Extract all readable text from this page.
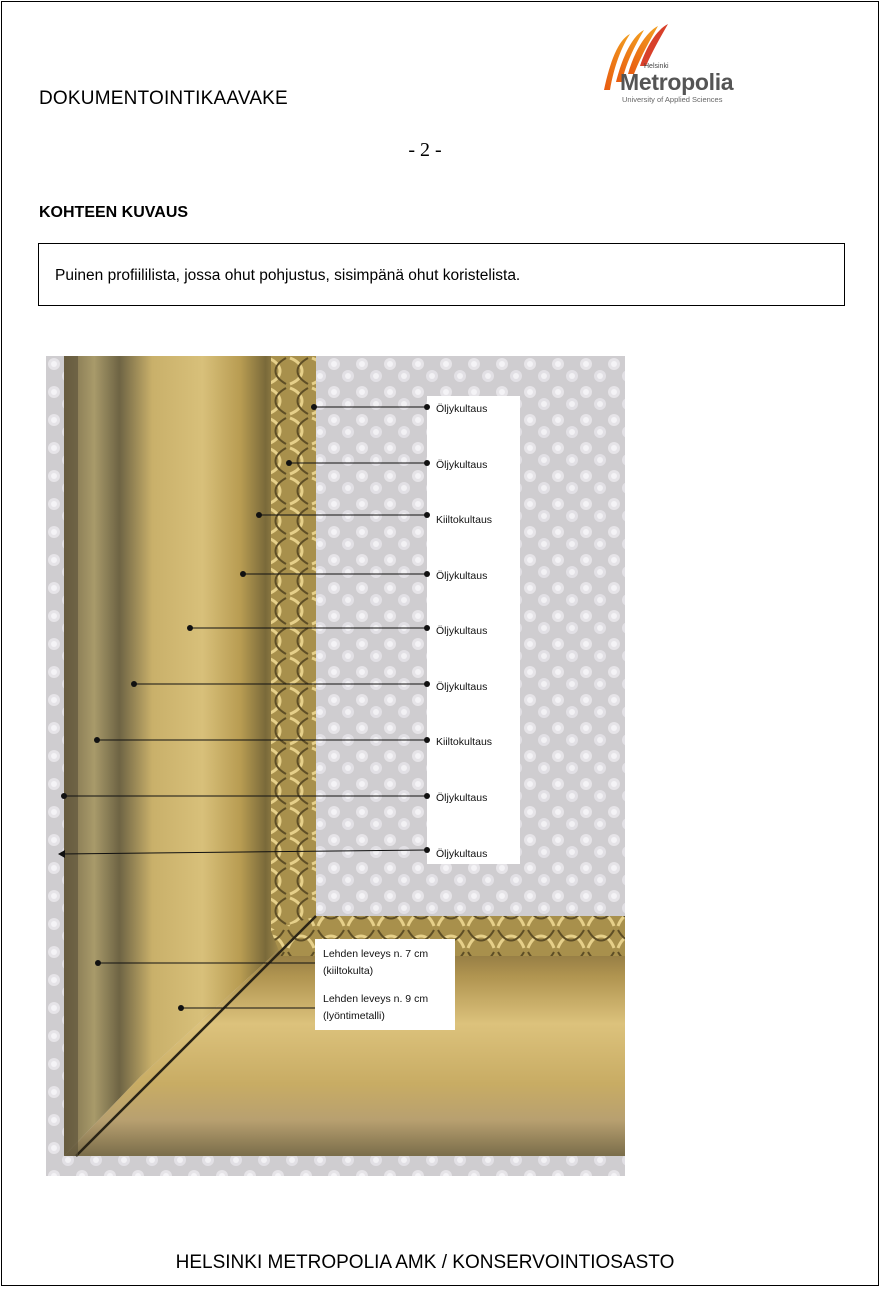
DOKUMENTOINTIKAAVAKE
Helsinki
Metropolia
University of Applied Sciences
- 2 -
KOHTEEN KUVAUS
Puinen profiililista, jossa ohut pohjustus, sisimpänä ohut koristelista.
Öljykultaus
Öljykultaus
Kiiltokultaus
Öljykultaus
Öljykultaus
Öljykultaus
Kiiltokultaus
Öljykultaus
Öljykultaus
Lehden leveys n. 7 cm
(kiiltokulta)
Lehden leveys n. 9 cm
(lyöntimetalli)
HELSINKI METROPOLIA AMK / KONSERVOINTIOSASTO
